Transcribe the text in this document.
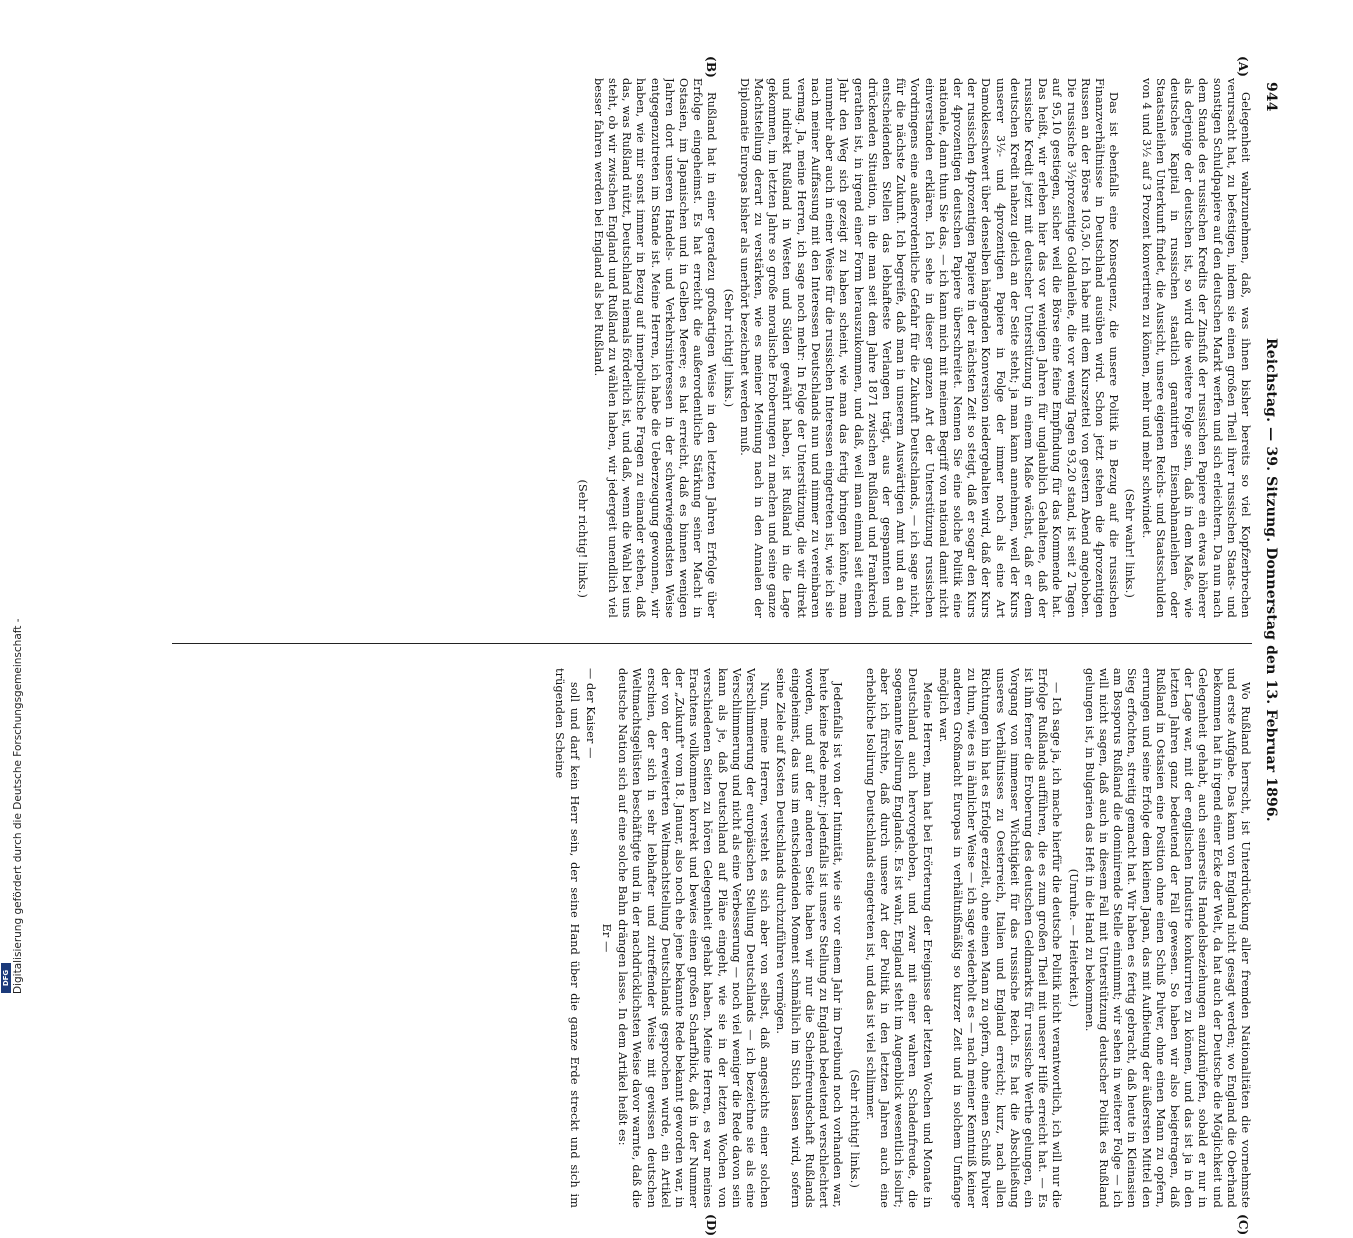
944
Reichstag. — 39. Sitzung. Donnerstag den 13. Februar 1896.
(A)
(B)
(C)
(D)

Gelegenheit wahrzunehmen, daß, was ihnen bisher bereits so viel Kopfzerbrechen verursacht hat, zu befestigen, indem sie einen großen Theil ihrer russischen Staats- und sonstigen Schuldpapiere auf den deutschen Markt werfen und sich erleichtern. Da nun nach dem Stande des russischen Kredits der Zinsfuß der russischen Papiere ein etwas höherer als derjenige der deutschen ist, so wird die weitere Folge sein, daß in dem Maße, wie deutsches Kapital in russischen staatlich garantirten Eisenbahnanleihen oder Staatsanleihen Unterkunft findet, die Aussicht, unsere eigenen Reichs- und Staatsschulden von 4 und 3½ auf 3 Prozent konvertiren zu können, mehr und mehr schwindet.

(Sehr wahr! links.)

Das ist ebenfalls eine Konsequenz, die unsere Politik in Bezug auf die russischen Finanzverhältnisse in Deutschland ausüben wird. Schon jetzt stehen die 4prozentigen Russen an der Börse 103,50. Ich habe mit dem Kurszettel von gestern Abend angehoben. Die russische 3½prozentige Goldanleihe, die vor wenig Tagen 93,20 stand, ist seit 2 Tagen auf 95,10 gestiegen, sicher weil die Börse eine feine Empfindung für das Kommende hat. Das heißt, wir erleben hier das vor wenigen Jahren für unglaublich Gehaltene, daß der russische Kredit jetzt mit deutscher Unterstützung in einem Maße wächst, daß er dem deutschen Kredit nahezu gleich an der Seite steht; ja man kann annehmen, weil der Kurs unserer 3½- und 4prozentigen Papiere in Folge der immer noch als eine Art Damoklesschwert über denselben hängenden Konversion niedergehalten wird, daß der Kurs der russischen 4prozentigen Papiere in der nächsten Zeit so steigt, daß er sogar den Kurs der 4prozentigen deutschen Papiere überschreitet. Nennen Sie eine solche Politik eine nationale, dann thun Sie das, — ich kann mich mit meinem Begriff von national damit nicht einverstanden erklären. Ich sehe in dieser ganzen Art der Unterstützung russischen Vordringens eine außerordentliche Gefahr für die Zukunft Deutschlands, — ich sage nicht, für die nächste Zukunft. Ich begreife, daß man in unserem Auswärtigen Amt und an den entscheidenden Stellen das lebhafteste Verlangen trägt, aus der gespannten und drückenden Situation, in die man seit dem Jahre 1871 zwischen Rußland und Frankreich gerathen ist, in irgend einer Form herauszukommen, und daß, weil man einmal seit einem Jahr den Weg sich gezeigt zu haben scheint, wie man das fertig bringen könnte, man nunmehr aber auch in einer Weise für die russischen Interessen eingetreten ist, wie ich sie nach meiner Auffassung mit den Interessen Deutschlands nun und nimmer zu vereinbaren vermag. Ja, meine Herren, ich sage noch mehr: In Folge der Unterstützung, die wir direkt und indirekt Rußland in Westen und Süden gewährt haben, ist Rußland in die Lage gekommen, im letzten Jahre so große moralische Eroberungen zu machen und seine ganze Machtstellung derart zu verstärken, wie es meiner Meinung nach in den Annalen der Diplomatie Europas bisher als unerhört bezeichnet werden muß.

(Sehr richtig! links.)

Rußland hat in einer geradezu großartigen Weise in den letzten Jahren Erfolge über Erfolge eingeheimst. Es hat erreicht die außerordentliche Stärkung seiner Macht in Ostasien, im Japanischen und in Gelben Meere; es hat erreicht, daß es binnen wenigen Jahren dort unseren Handels- und Verkehrsinteressen in der schwerwiegendsten Weise entgegenzutreten im Stande ist. Meine Herren, ich habe die Ueberzeugung gewonnen, wir haben, wie mir sonst immer in Bezug auf innerpolitische Fragen zu einander stehen, daß das, was Rußland nützt, Deutschland niemals förderlich ist, und daß, wenn die Wahl bei uns steht, ob wir zwischen England und Rußland zu wählen haben, wir jedergeit unendlich viel besser fahren werden bei England als bei Rußland.

(Sehr richtig! links.)

Wo Rußland herrscht, ist Unterdrückung aller fremden Nationalitäten die vornehmste und erste Aufgabe. Das kann von England nicht gesagt werden; wo England die Oberhand bekommen hat in irgend einer Ecke der Welt, da hat auch der Deutsche die Möglichkeit und Gelegenheit gehabt, auch seinerseits Handelsbeziehungen anzuknüpfen, sobald er nur in der Lage war, mit der englischen Industrie konkurriren zu können, und das ist ja in den letzten Jahren ganz bedeutend der Fall gewesen. So haben wir also beigetragen, daß Rußland in Ostasien eine Position ohne einen Schuß Pulver, ohne einen Mann zu opfern, errungen und seine Erfolge dem kleinen Japan, das mit Aufbietung der äußersten Mittel den Sieg erfochten, streitig gemacht hat. Wir haben es fertig gebracht, daß heute in Kleinasien am Bosporus Rußland die dominirende Stelle einnimmt; wir sehen in weiterer Folge — ich will nicht sagen, daß auch in diesem Fall mit Unterstützung deutscher Politik es Rußland gelungen ist, in Bulgarien das Heft in die Hand zu bekommen.

(Unruhe. — Heiterkeit.)

— Ich sage ja, ich mache hierfür die deutsche Politik nicht verantwortlich, ich will nur die Erfolge Rußlands aufführen, die es zum großen Theil mit unserer Hilfe erreicht hat. — Es ist ihm ferner die Eroberung des deutschen Geldmarkts für russische Werthe gelungen, ein Vorgang von immenser Wichtigkeit für das russische Reich. Es hat die Abschließung unseres Verhältnisses zu Oesterreich, Italien und England erreicht; kurz, nach allen Richtungen hin hat es Erfolge erzielt, ohne einen Mann zu opfern, ohne einen Schuß Pulver zu thun, wie es in ähnlicher Weise — ich sage wiederholt es — nach meiner Kenntniß keiner anderen Großmacht Europas in verhältnißmäßig so kurzer Zeit und in solchem Umfange möglich war.

Meine Herren, man hat bei Erörterung der Ereignisse der letzten Wochen und Monate in Deutschland auch hervorgehoben, und zwar mit einer wahren Schadenfreude, die sogenannte Isolirung Englands. Es ist wahr, England steht im Augenblick wesentlich isolirt; aber ich fürchte, daß durch unsere Art der Politik in den letzten Jahren auch eine erhebliche Isolirung Deutschlands eingetreten ist, und das ist viel schlimmer.

(Sehr richtig! links.)

Jedenfalls ist von der Intimität, wie sie vor einem Jahr im Dreibund noch vorhanden war, heute keine Rede mehr; jedenfalls ist unsere Stellung zu England bedeutend verschlechtert worden, und auf der anderen Seite haben wir nur die Scheinfreundschaft Rußlands eingeheimst, das uns im entscheidenden Moment schmählich im Stich lassen wird, sofern seine Ziele auf Kosten Deutschlands durchzuführen vermögen.

Nun, meine Herren, versteht es sich aber von selbst, daß angesichts einer solchen Verschlimmerung der europäischen Stellung Deutschlands — ich bezeichne sie als eine Verschlimmerung und nicht als eine Verbesserung — noch viel weniger die Rede davon sein kann als je, daß Deutschland auf Pläne eingeht, wie sie in der letzten Wochen von verschiedenen Seiten zu hören Gelegenheit gehabt haben. Meine Herren, es war meines Erachtens vollkommen korrekt und bewies einen großen Scharfblick, daß in der Nummer der „Zukunft" vom 18. Januar, also noch ehe jene bekannte Rede bekannt geworden war, in der von der erweiterten Weltmachtstellung Deutschlands gesprochen wurde, ein Artikel erschien, der sich in sehr lebhafter und zutreffender Weise mit gewissen deutschen Weltmachtsgelüsten beschäftigte und in der nachdrücklichsten Weise davor warnte, daß die deutsche Nation sich auf eine solche Bahn drängen lasse. In dem Artikel heißt es:

Er —

— der Kaiser —

soll und darf kein Herr sein, der seine Hand über die ganze Erde streckt und sich im trügenden Scheine

Digitalisierung gefördert durch die Deutsche Forschungsgemeinschaft -
DFG
